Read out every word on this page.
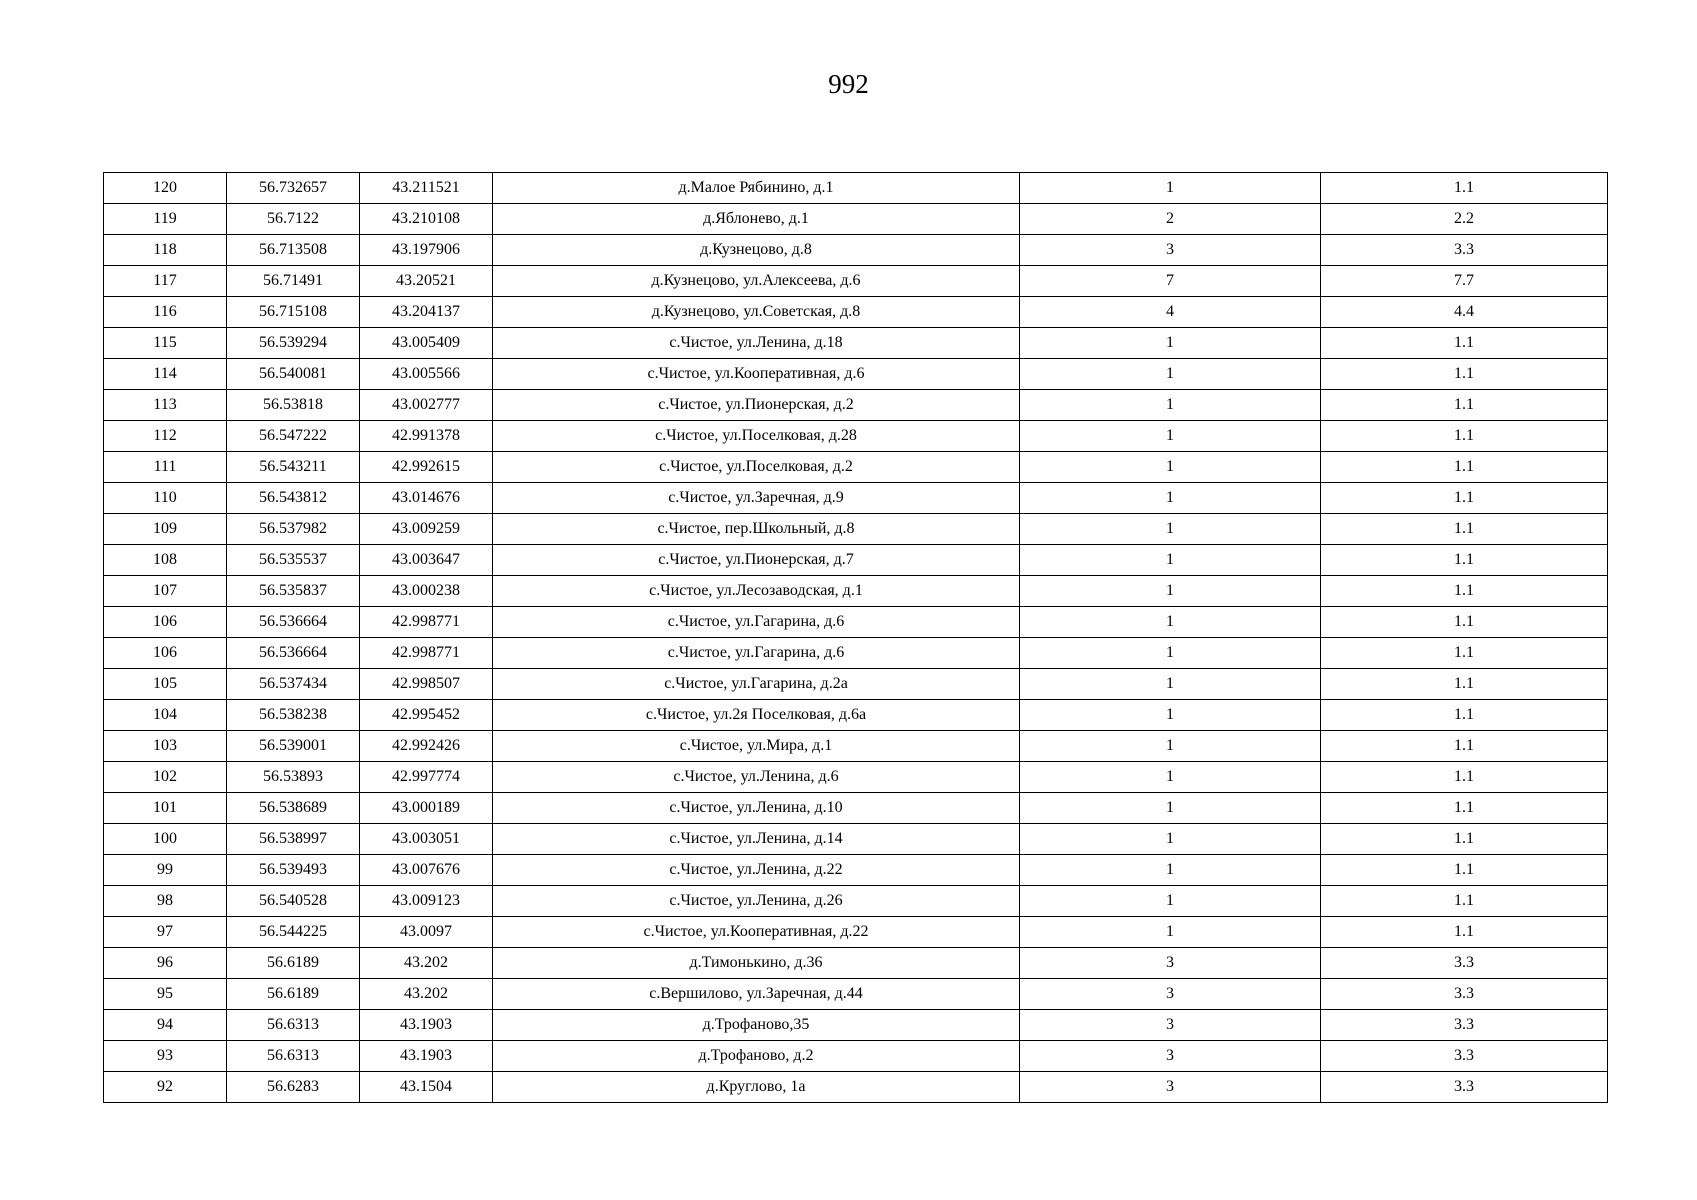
992
120	56.732657	43.211521	д.Малое Рябинино, д.1	1	1.1
119	56.7122	43.210108	д.Яблонево, д.1	2	2.2
118	56.713508	43.197906	д.Кузнецово, д.8	3	3.3
117	56.71491	43.20521	д.Кузнецово, ул.Алексеева, д.6	7	7.7
116	56.715108	43.204137	д.Кузнецово, ул.Советская, д.8	4	4.4
115	56.539294	43.005409	с.Чистое, ул.Ленина, д.18	1	1.1
114	56.540081	43.005566	с.Чистое, ул.Кооперативная, д.6	1	1.1
113	56.53818	43.002777	с.Чистое, ул.Пионерская, д.2	1	1.1
112	56.547222	42.991378	с.Чистое, ул.Поселковая, д.28	1	1.1
111	56.543211	42.992615	с.Чистое, ул.Поселковая, д.2	1	1.1
110	56.543812	43.014676	с.Чистое, ул.Заречная, д.9	1	1.1
109	56.537982	43.009259	с.Чистое, пер.Школьный, д.8	1	1.1
108	56.535537	43.003647	с.Чистое, ул.Пионерская, д.7	1	1.1
107	56.535837	43.000238	с.Чистое, ул.Лесозаводская, д.1	1	1.1
106	56.536664	42.998771	с.Чистое, ул.Гагарина, д.6	1	1.1
106	56.536664	42.998771	с.Чистое, ул.Гагарина, д.6	1	1.1
105	56.537434	42.998507	с.Чистое, ул.Гагарина, д.2а	1	1.1
104	56.538238	42.995452	с.Чистое, ул.2я Поселковая, д.6а	1	1.1
103	56.539001	42.992426	с.Чистое, ул.Мира, д.1	1	1.1
102	56.53893	42.997774	с.Чистое, ул.Ленина, д.6	1	1.1
101	56.538689	43.000189	с.Чистое, ул.Ленина, д.10	1	1.1
100	56.538997	43.003051	с.Чистое, ул.Ленина, д.14	1	1.1
99	56.539493	43.007676	с.Чистое, ул.Ленина, д.22	1	1.1
98	56.540528	43.009123	с.Чистое, ул.Ленина, д.26	1	1.1
97	56.544225	43.0097	с.Чистое, ул.Кооперативная, д.22	1	1.1
96	56.6189	43.202	д.Тимонькино, д.36	3	3.3
95	56.6189	43.202	с.Вершилово, ул.Заречная, д.44	3	3.3
94	56.6313	43.1903	д.Трофаново,35	3	3.3
93	56.6313	43.1903	д.Трофаново, д.2	3	3.3
92	56.6283	43.1504	д.Круглово, 1а	3	3.3
